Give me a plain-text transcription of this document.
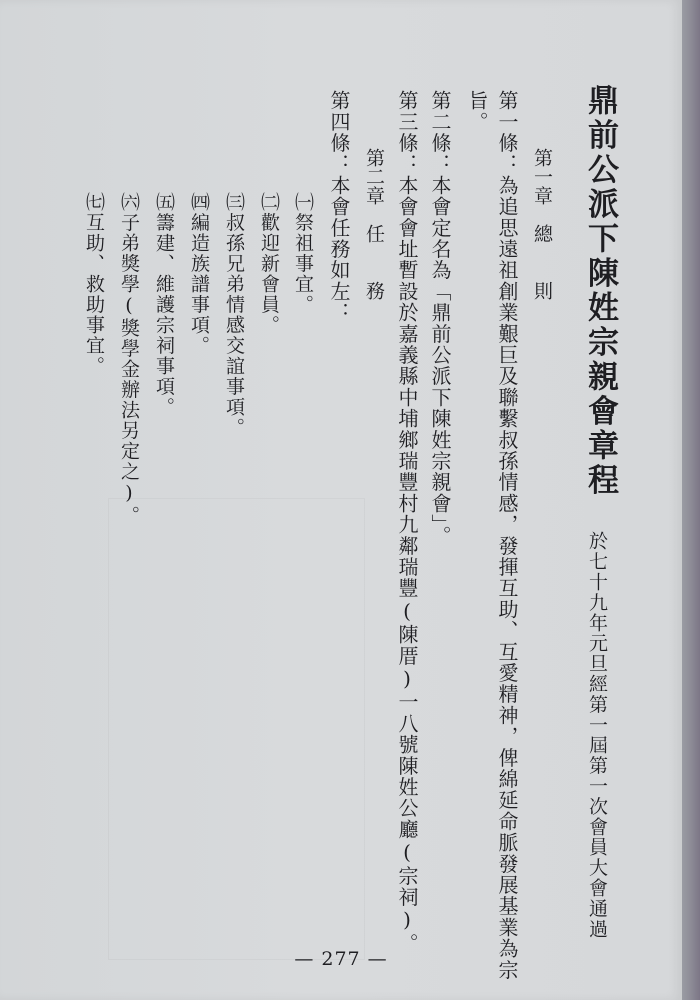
鼎前公派下陳姓宗親會章程
於七十九年元旦經第一屆第一次會員大會通過
第一條：為追思遠祖創業艱巨及聯繫叔孫情感，發揮互助、互愛精神，俾綿延命脈發展基業為宗
旨。
第一章　總　　則
第二條：本會定名為「鼎前公派下陳姓宗親會」。
第三條：本會會址暫設於嘉義縣中埔鄉瑞豐村九鄰瑞豐(陳厝)一八號陳姓公廳(宗祠)。
第二章　任　　務
第四條：本會任務如左：
㈠祭祖事宜。
㈡歡迎新會員。
㈢叔孫兄弟情感交誼事項。
㈣編造族譜事項。
㈤籌建、維護宗祠事項。
㈥子弟獎學(獎學金辦法另定之)。
㈦互助、救助事宜。
— 277 —
